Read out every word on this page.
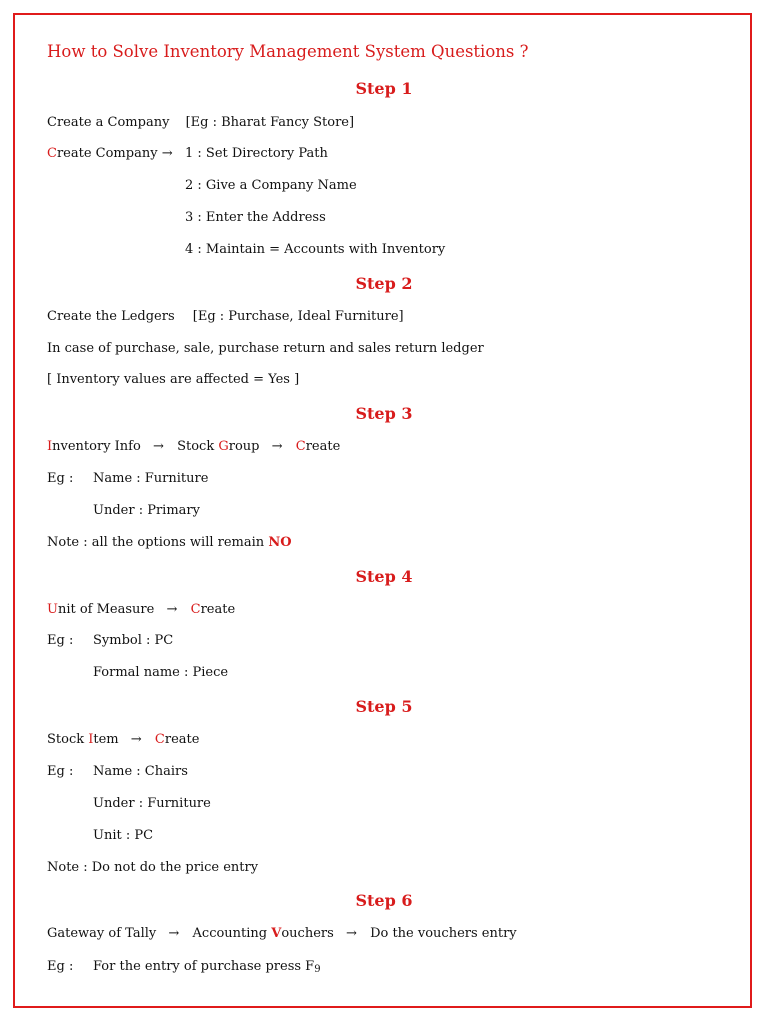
How to Solve Inventory Management System Questions ?
Step 1
Create a Company [Eg : Bharat Fancy Store]
Create Company → 1 : Set Directory Path
2 : Give a Company Name
3 : Enter the Address
4 : Maintain = Accounts with Inventory
Step 2
Create the Ledgers [Eg : Purchase, Ideal Furniture]
In case of purchase, sale, purchase return and sales return ledger
[ Inventory values are affected = Yes ]
Step 3
Inventory Info → Stock Group → Create
Eg : Name : Furniture
Under : Primary
Note : all the options will remain NO
Step 4
Unit of Measure → Create
Eg : Symbol : PC
Formal name : Piece
Step 5
Stock Item → Create
Eg : Name : Chairs
Under : Furniture
Unit : PC
Note : Do not do the price entry
Step 6
Gateway of Tally → Accounting Vouchers → Do the vouchers entry
Eg : For the entry of purchase press $F_9$
